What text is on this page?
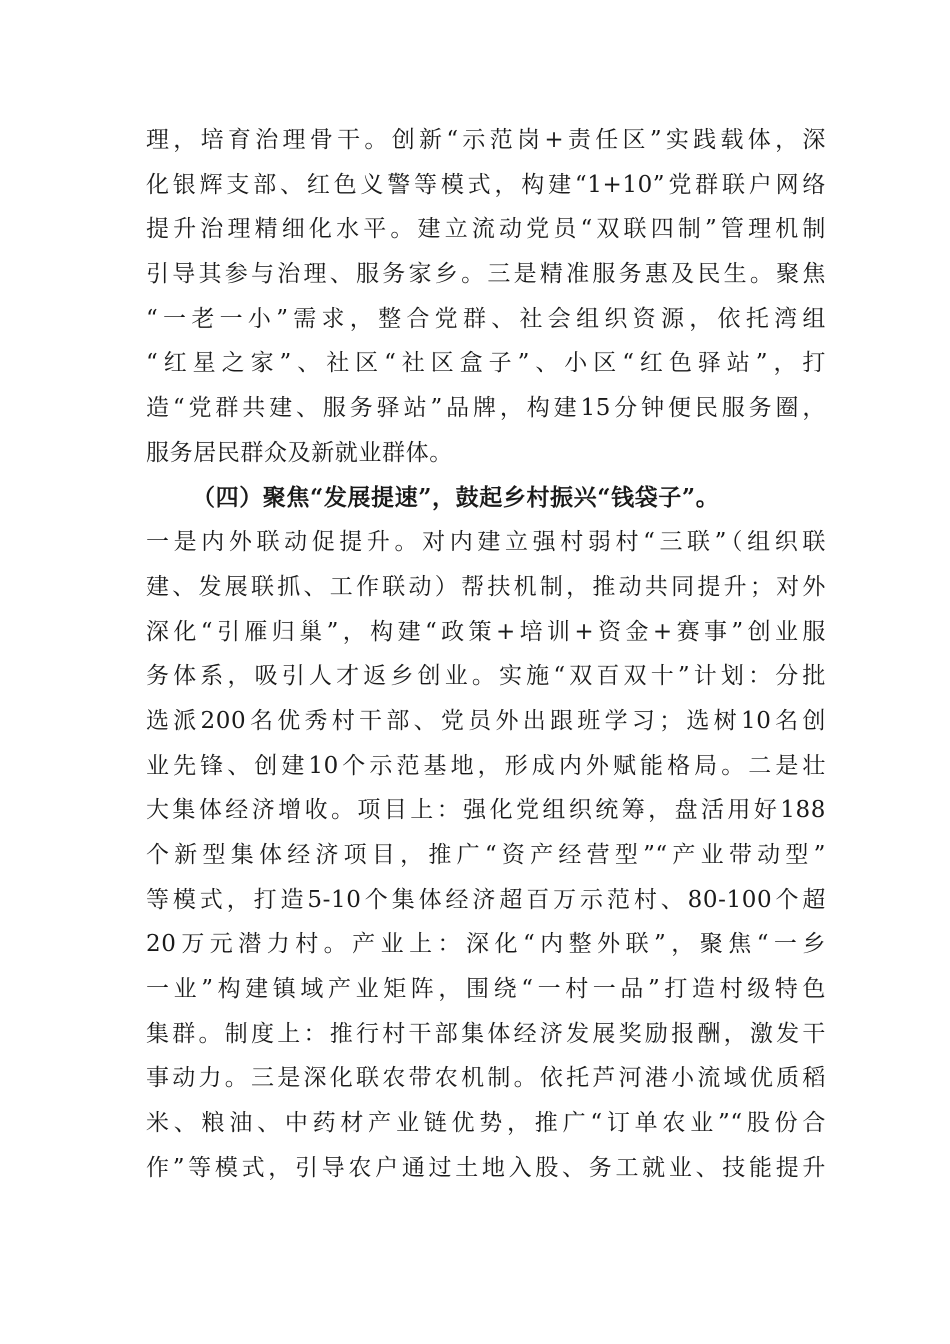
理，培育治理骨干。创新“示范岗+责任区”实践载体，深
化银辉支部、红色义警等模式，构建“1+10”党群联户网络
提升治理精细化水平。建立流动党员“双联四制”管理机制
引导其参与治理、服务家乡。三是精准服务惠及民生。聚焦
“一老一小”需求，整合党群、社会组织资源，依托湾组
“红星之家”、社区“社区盒子”、小区“红色驿站”，打
造“党群共建、服务驿站”品牌，构建15分钟便民服务圈，
服务居民群众及新就业群体。
（四）聚焦“发展提速”，鼓起乡村振兴“钱袋子”。
一是内外联动促提升。对内建立强村弱村“三联”（组织联
建、发展联抓、工作联动）帮扶机制，推动共同提升；对外
深化“引雁归巢”，构建“政策+培训+资金+赛事”创业服
务体系，吸引人才返乡创业。实施“双百双十”计划：分批
选派200名优秀村干部、党员外出跟班学习；选树10名创
业先锋、创建10个示范基地，形成内外赋能格局。二是壮
大集体经济增收。项目上：强化党组织统筹，盘活用好188
个新型集体经济项目，推广“资产经营型”“产业带动型”
等模式，打造5-10个集体经济超百万示范村、80-100个超
20万元潜力村。产业上：深化“内整外联”，聚焦“一乡
一业”构建镇域产业矩阵，围绕“一村一品”打造村级特色
集群。制度上：推行村干部集体经济发展奖励报酬，激发干
事动力。三是深化联农带农机制。依托芦河港小流域优质稻
米、粮油、中药材产业链优势，推广“订单农业”“股份合
作”等模式，引导农户通过土地入股、务工就业、技能提升
